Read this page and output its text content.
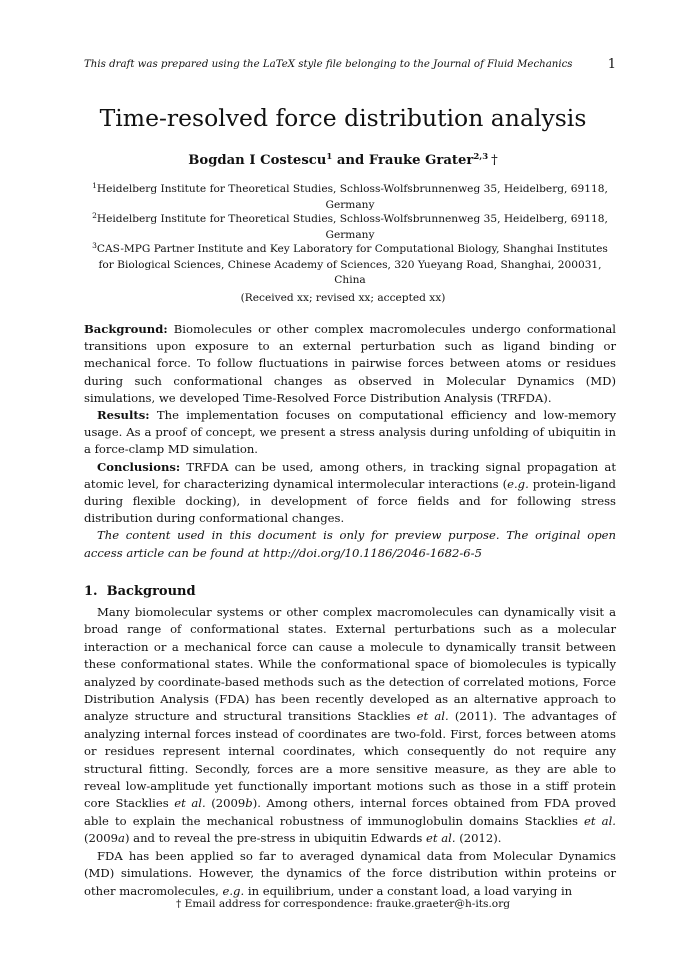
This draft was prepared using the LaTeX style file belonging to the Journal of Fluid Mechanics	1
Time-resolved force distribution analysis
Bogdan I Costescu$^1$ and Frauke Grater$^{2,3}$ †
$^1$Heidelberg Institute for Theoretical Studies, Schloss-Wolfsbrunnenweg 35, Heidelberg, 69118, Germany
$^2$Heidelberg Institute for Theoretical Studies, Schloss-Wolfsbrunnenweg 35, Heidelberg, 69118, Germany
$^3$CAS-MPG Partner Institute and Key Laboratory for Computational Biology, Shanghai Institutes for Biological Sciences, Chinese Academy of Sciences, 320 Yueyang Road, Shanghai, 200031, China
(Received xx; revised xx; accepted xx)

Background: Biomolecules or other complex macromolecules undergo conformational transitions upon exposure to an external perturbation such as ligand binding or mechanical force. To follow fluctuations in pairwise forces between atoms or residues during such conformational changes as observed in Molecular Dynamics (MD) simulations, we developed Time-Resolved Force Distribution Analysis (TRFDA).

Results: The implementation focuses on computational efficiency and low-memory usage. As a proof of concept, we present a stress analysis during unfolding of ubiquitin in a force-clamp MD simulation.

Conclusions: TRFDA can be used, among others, in tracking signal propagation at atomic level, for characterizing dynamical intermolecular interactions (e.g. protein-ligand during flexible docking), in development of force fields and for following stress distribution during conformational changes.

The content used in this document is only for preview purpose. The original open access article can be found at http://doi.org/10.1186/2046-1682-6-5

1. Background

Many biomolecular systems or other complex macromolecules can dynamically visit a broad range of conformational states. External perturbations such as a molecular interaction or a mechanical force can cause a molecule to dynamically transit between these conformational states. While the conformational space of biomolecules is typically analyzed by coordinate-based methods such as the detection of correlated motions, Force Distribution Analysis (FDA) has been recently developed as an alternative approach to analyze structure and structural transitions Stacklies et al. (2011). The advantages of analyzing internal forces instead of coordinates are two-fold. First, forces between atoms or residues represent internal coordinates, which consequently do not require any structural fitting. Secondly, forces are a more sensitive measure, as they are able to reveal low-amplitude yet functionally important motions such as those in a stiff protein core Stacklies et al. (2009b). Among others, internal forces obtained from FDA proved able to explain the mechanical robustness of immunoglobulin domains Stacklies et al. (2009a) and to reveal the pre-stress in ubiquitin Edwards et al. (2012).

FDA has been applied so far to averaged dynamical data from Molecular Dynamics (MD) simulations. However, the dynamics of the force distribution within proteins or other macromolecules, e.g. in equilibrium, under a constant load, a load varying in

† Email address for correspondence: frauke.graeter@h-its.org
